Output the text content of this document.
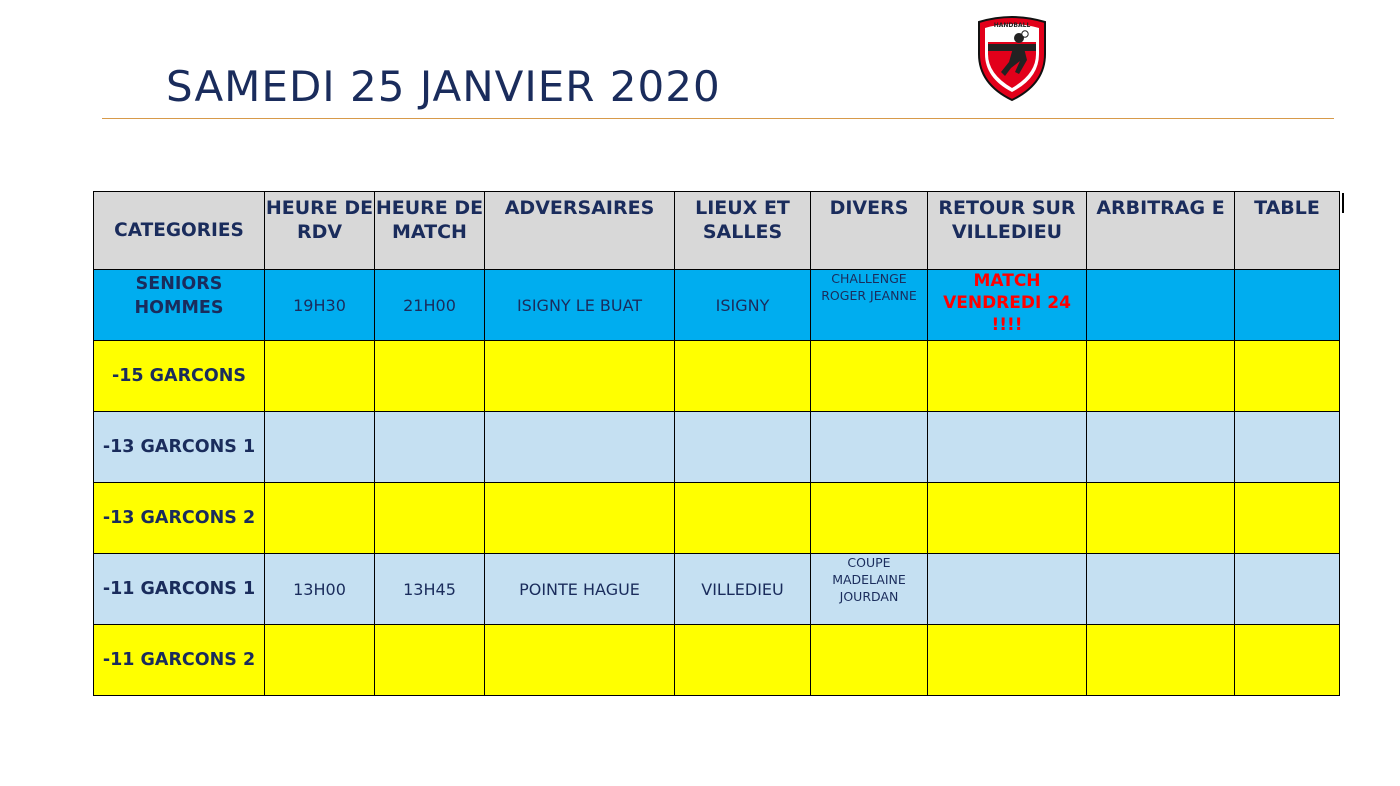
SAMEDI 25 JANVIER 2020
HANDBALL
CATEGORIES	HEURE DE RDV	HEURE DE MATCH	ADVERSAIRES	LIEUX ET SALLES	DIVERS	RETOUR SUR VILLEDIEU	ARBITRAG E	TABLE
SENIORS HOMMES	19H30	21H00	ISIGNY LE BUAT	ISIGNY	CHALLENGE ROGER JEANNE	MATCH VENDREDI 24 !!!!		
-15 GARCONS								
-13 GARCONS 1								
-13 GARCONS 2								
-11 GARCONS 1	13H00	13H45	POINTE HAGUE	VILLEDIEU	COUPE MADELAINE JOURDAN			
-11 GARCONS 2								
